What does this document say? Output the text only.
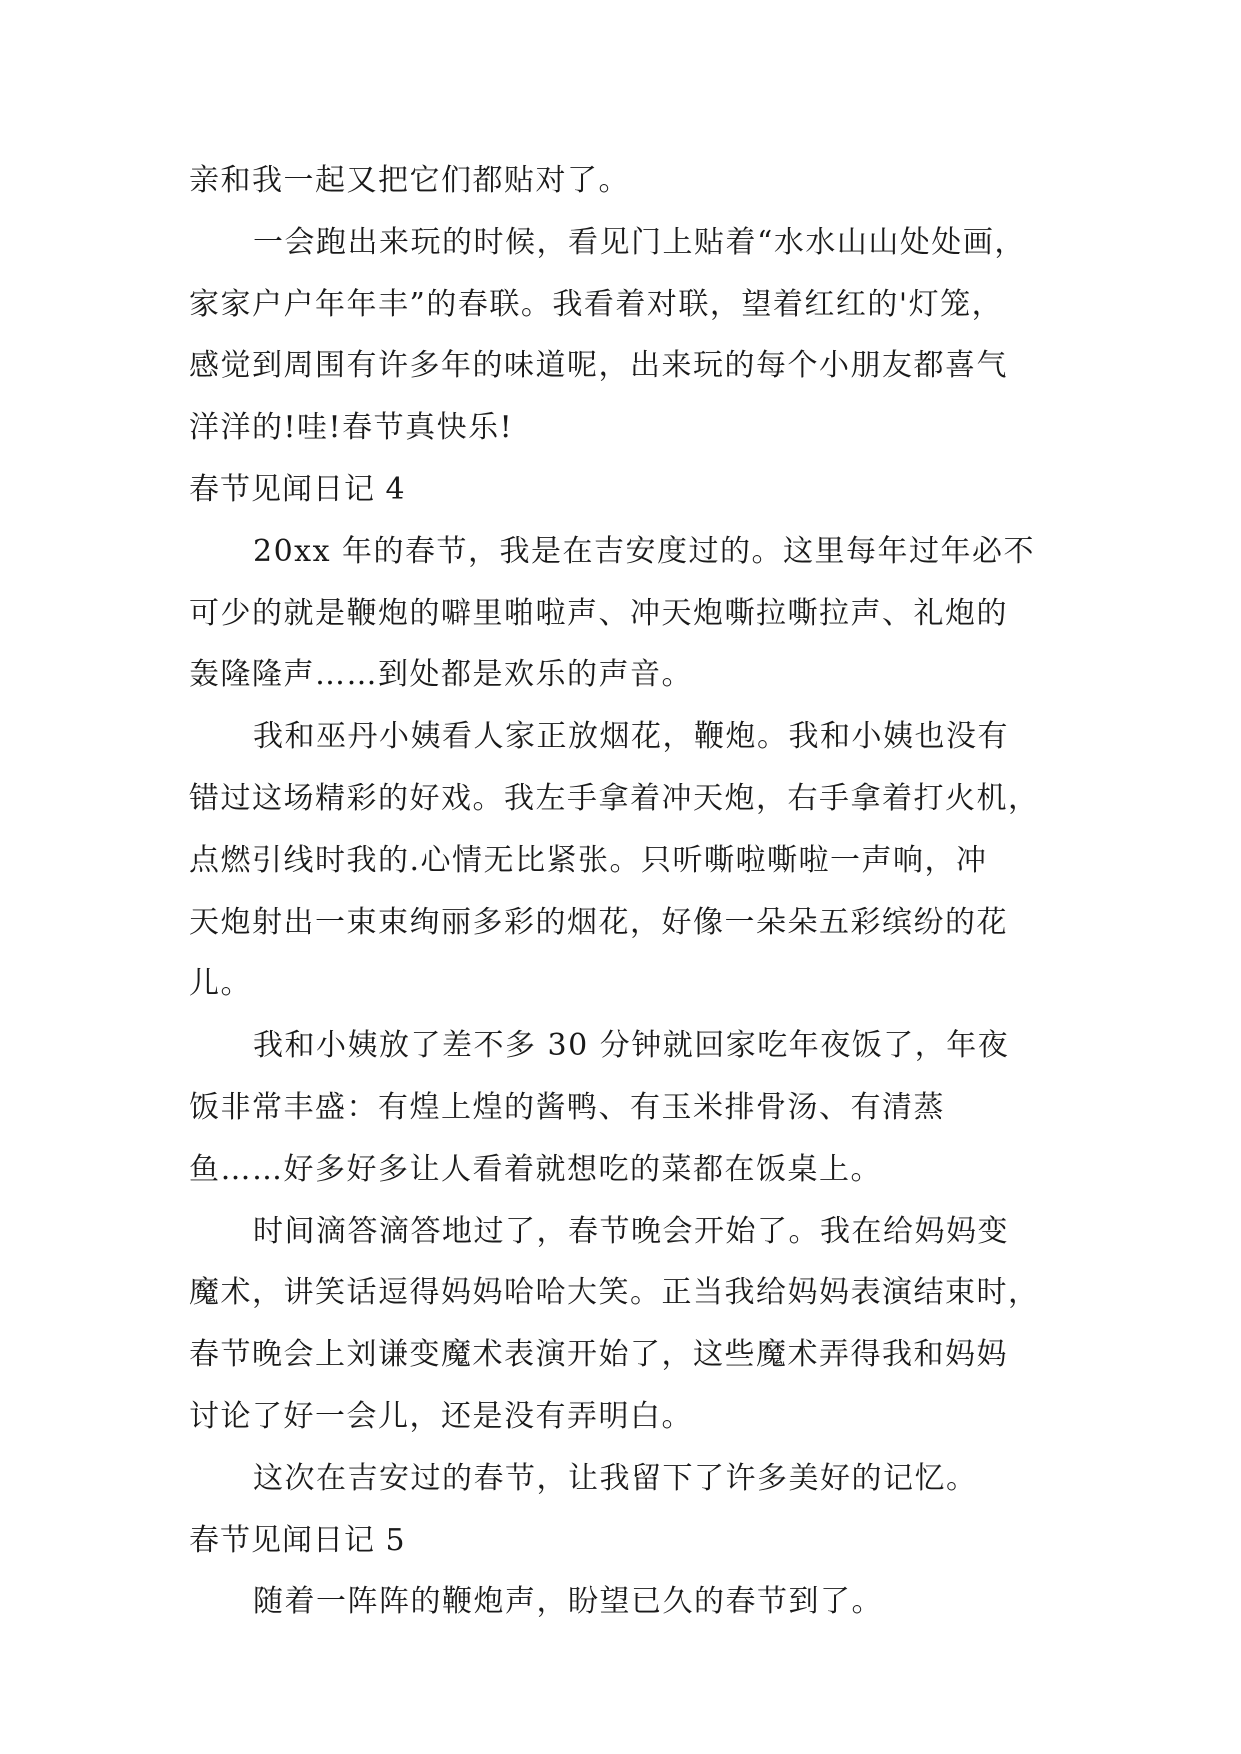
亲和我一起又把它们都贴对了。
一会跑出来玩的时候，看见门上贴着“水水山山处处画，
家家户户年年丰”的春联。我看着对联，望着红红的'灯笼，
感觉到周围有许多年的味道呢，出来玩的每个小朋友都喜气
洋洋的!哇!春节真快乐!
春节见闻日记 4
20xx 年的春节，我是在吉安度过的。这里每年过年必不
可少的就是鞭炮的噼里啪啦声、冲天炮嘶拉嘶拉声、礼炮的
轰隆隆声……到处都是欢乐的声音。
我和巫丹小姨看人家正放烟花，鞭炮。我和小姨也没有
错过这场精彩的好戏。我左手拿着冲天炮，右手拿着打火机，
点燃引线时我的.心情无比紧张。只听嘶啦嘶啦一声响，冲
天炮射出一束束绚丽多彩的烟花，好像一朵朵五彩缤纷的花
儿。
我和小姨放了差不多 30 分钟就回家吃年夜饭了，年夜
饭非常丰盛：有煌上煌的酱鸭、有玉米排骨汤、有清蒸
鱼……好多好多让人看着就想吃的菜都在饭桌上。
时间滴答滴答地过了，春节晚会开始了。我在给妈妈变
魔术，讲笑话逗得妈妈哈哈大笑。正当我给妈妈表演结束时，
春节晚会上刘谦变魔术表演开始了，这些魔术弄得我和妈妈
讨论了好一会儿，还是没有弄明白。
这次在吉安过的春节，让我留下了许多美好的记忆。
春节见闻日记 5
随着一阵阵的鞭炮声，盼望已久的春节到了。
